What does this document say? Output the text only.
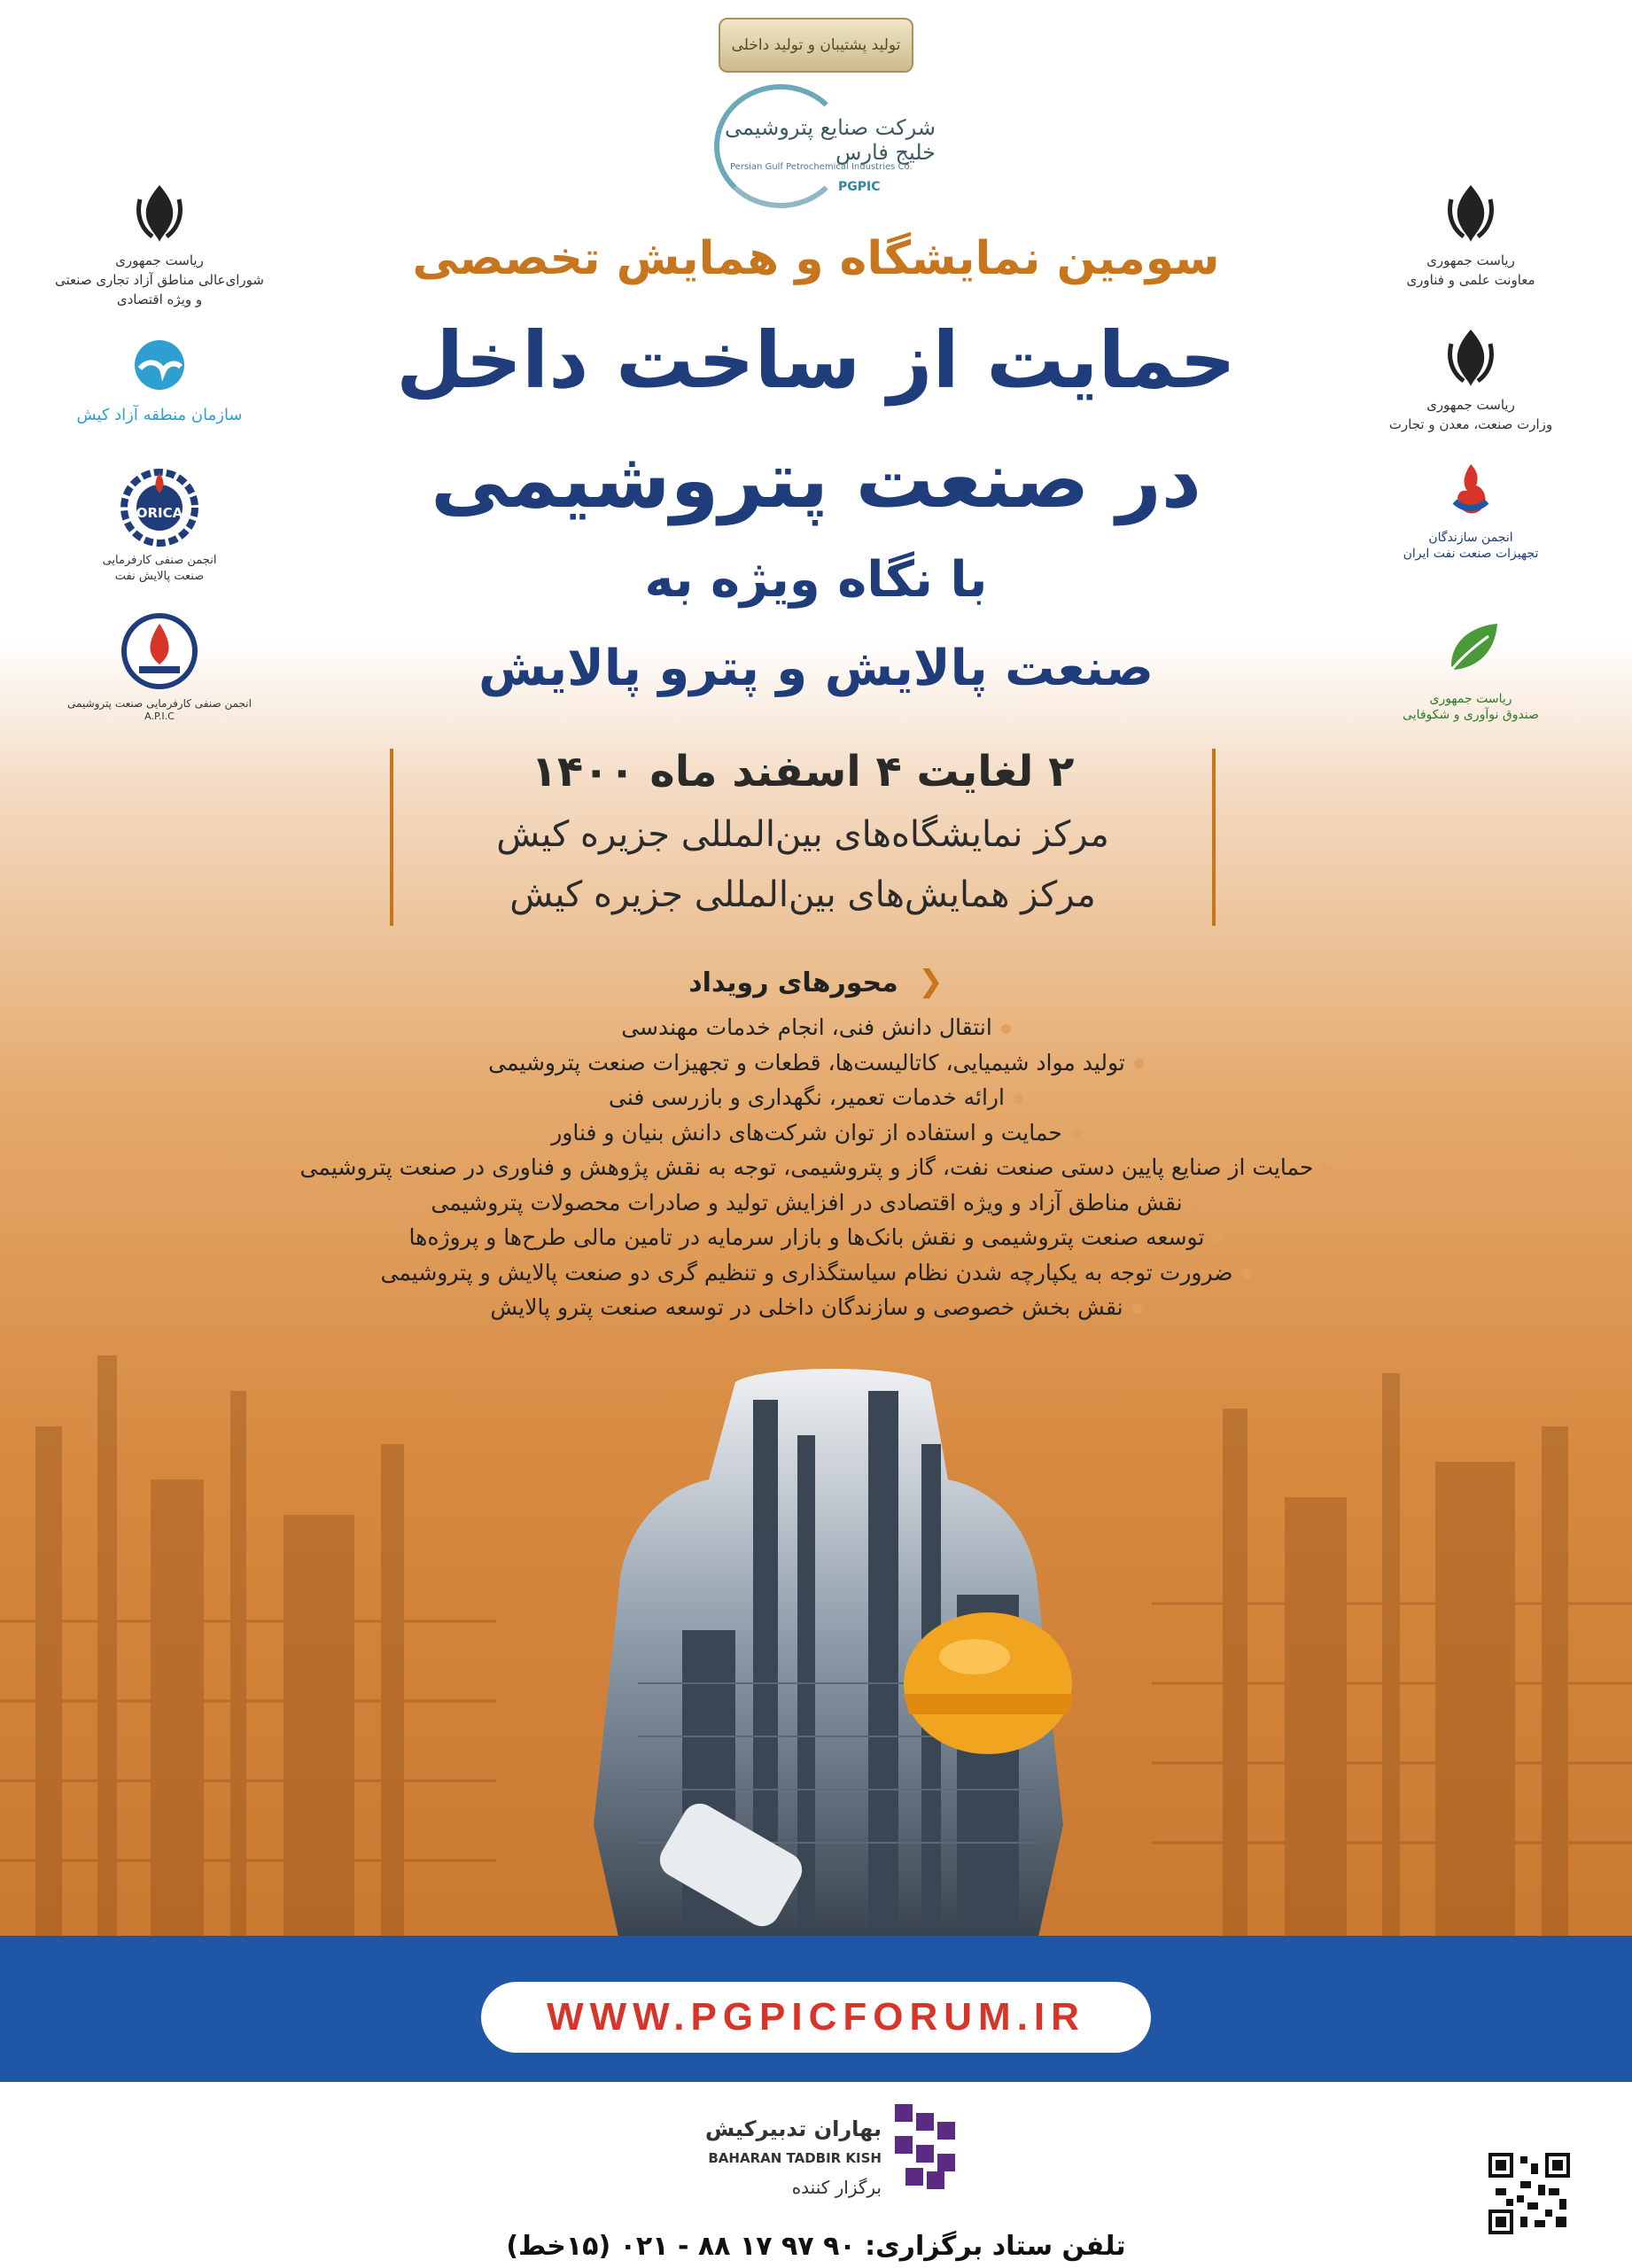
تولید پشتیبان و تولید داخلی
شرکت صنایع پتروشیمی خلیج فارس
Persian Gulf Petrochemical Industries Co.
PGPIC
سومین نمایشگاه و همایش تخصصی
حمایت از ساخت داخل
در صنعت پتروشیمی
با نگاه ویژه به
صنعت پالایش و پترو پالایش
ریاست جمهوری
شورای‌عالی مناطق آزاد تجاری صنعتی و ویژه اقتصادی
سازمان منطقه آزاد کیش
ORICA
انجمن صنفی کارفرمایی
صنعت پالایش نفت
انجمن صنفی کارفرمایی صنعت پتروشیمی
A.P.I.C
ریاست جمهوری
معاونت علمی و فناوری
ریاست جمهوری
وزارت صنعت، معدن و تجارت
انجمن سازندگان
تجهیزات صنعت نفت ایران
ریاست جمهوری
صندوق نوآوری و شکوفایی
۲ لغایت ۴ اسفند ماه ۱۴۰۰
مرکز نمایشگاه‌های بین‌المللی جزیره کیش
مرکز همایش‌های بین‌المللی جزیره کیش
❮ محورهای رویداد
انتقال دانش فنی، انجام خدمات مهندسی
تولید مواد شیمیایی، کاتالیست‌ها، قطعات و تجهیزات صنعت پتروشیمی
ارائه خدمات تعمیر، نگهداری و بازرسی فنی
حمایت و استفاده از توان شرکت‌های دانش بنیان و فناور
حمایت از صنایع پایین دستی صنعت نفت، گاز و پتروشیمی، توجه به نقش پژوهش و فناوری در صنعت پتروشیمی
نقش مناطق آزاد و ویژه اقتصادی در افزایش تولید و صادرات محصولات پتروشیمی
توسعه صنعت پتروشیمی و نقش بانک‌ها و بازار سرمایه در تامین مالی طرح‌ها و پروژه‌ها
ضرورت توجه به یکپارچه شدن نظام سیاستگذاری و تنظیم گری دو صنعت پالایش و پتروشیمی
نقش بخش خصوصی و سازندگان داخلی در توسعه صنعت پترو پالایش
WWW.PGPICFORUM.IR
بهاران تدبیرکیش
BAHARAN TADBIR KISH
برگزار کننده
تلفن ستاد برگزاری: ۹۰ ۹۷ ۱۷ ۸۸ - ۰۲۱ (۱۵خط)
